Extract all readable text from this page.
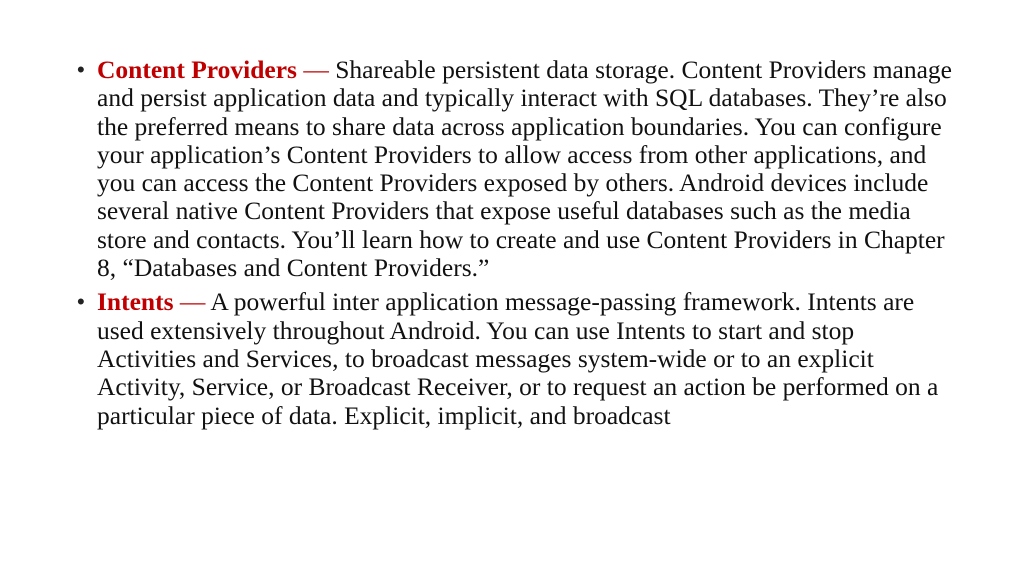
• Content Providers — Shareable persistent data storage. Content Providers manage and persist application data and typically interact with SQL databases. They’re also the preferred means to share data across application boundaries. You can configure your application’s Content Providers to allow access from other applications, and you can access the Content Providers exposed by others. Android devices include several native Content Providers that expose useful databases such as the media store and contacts. You’ll learn how to create and use Content Providers in Chapter 8, “Databases and Content Providers.”
• Intents — A powerful inter application message-passing framework. Intents are used extensively throughout Android. You can use Intents to start and stop Activities and Services, to broadcast messages system-wide or to an explicit Activity, Service, or Broadcast Receiver, or to request an action be performed on a particular piece of data. Explicit, implicit, and broadcast
